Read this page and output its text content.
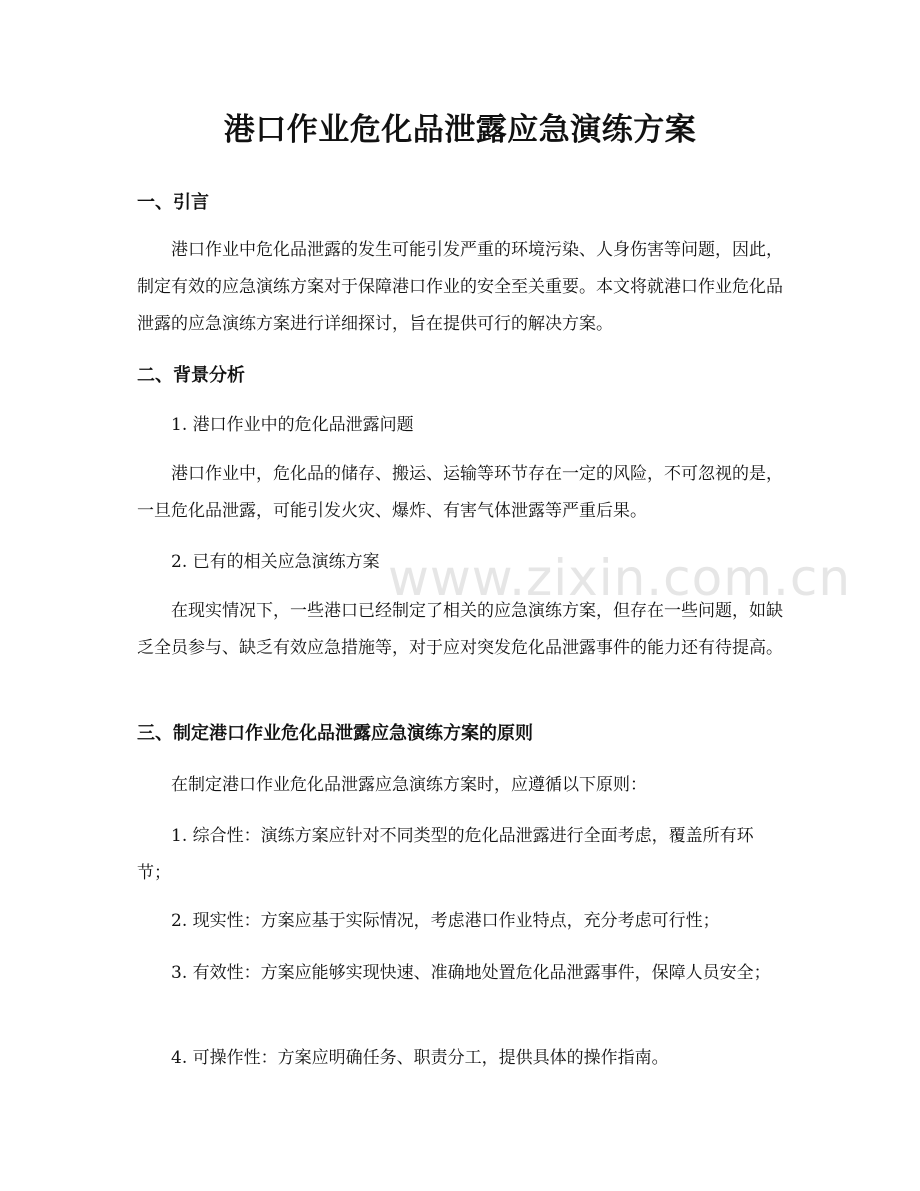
www.zixin.com.cn
港口作业危化品泄露应急演练方案
一、引言

港口作业中危化品泄露的发生可能引发严重的环境污染、人身伤害等问题，因此，制定有效的应急演练方案对于保障港口作业的安全至关重要。本文将就港口作业危化品泄露的应急演练方案进行详细探讨，旨在提供可行的解决方案。

二、背景分析

1. 港口作业中的危化品泄露问题

港口作业中，危化品的储存、搬运、运输等环节存在一定的风险，不可忽视的是，一旦危化品泄露，可能引发火灾、爆炸、有害气体泄露等严重后果。

2. 已有的相关应急演练方案

在现实情况下，一些港口已经制定了相关的应急演练方案，但存在一些问题，如缺乏全员参与、缺乏有效应急措施等，对于应对突发危化品泄露事件的能力还有待提高。

三、制定港口作业危化品泄露应急演练方案的原则

在制定港口作业危化品泄露应急演练方案时，应遵循以下原则：

1. 综合性：演练方案应针对不同类型的危化品泄露进行全面考虑，覆盖所有环节；

2. 现实性：方案应基于实际情况，考虑港口作业特点，充分考虑可行性；

3. 有效性：方案应能够实现快速、准确地处置危化品泄露事件，保障人员安全；

4. 可操作性：方案应明确任务、职责分工，提供具体的操作指南。
